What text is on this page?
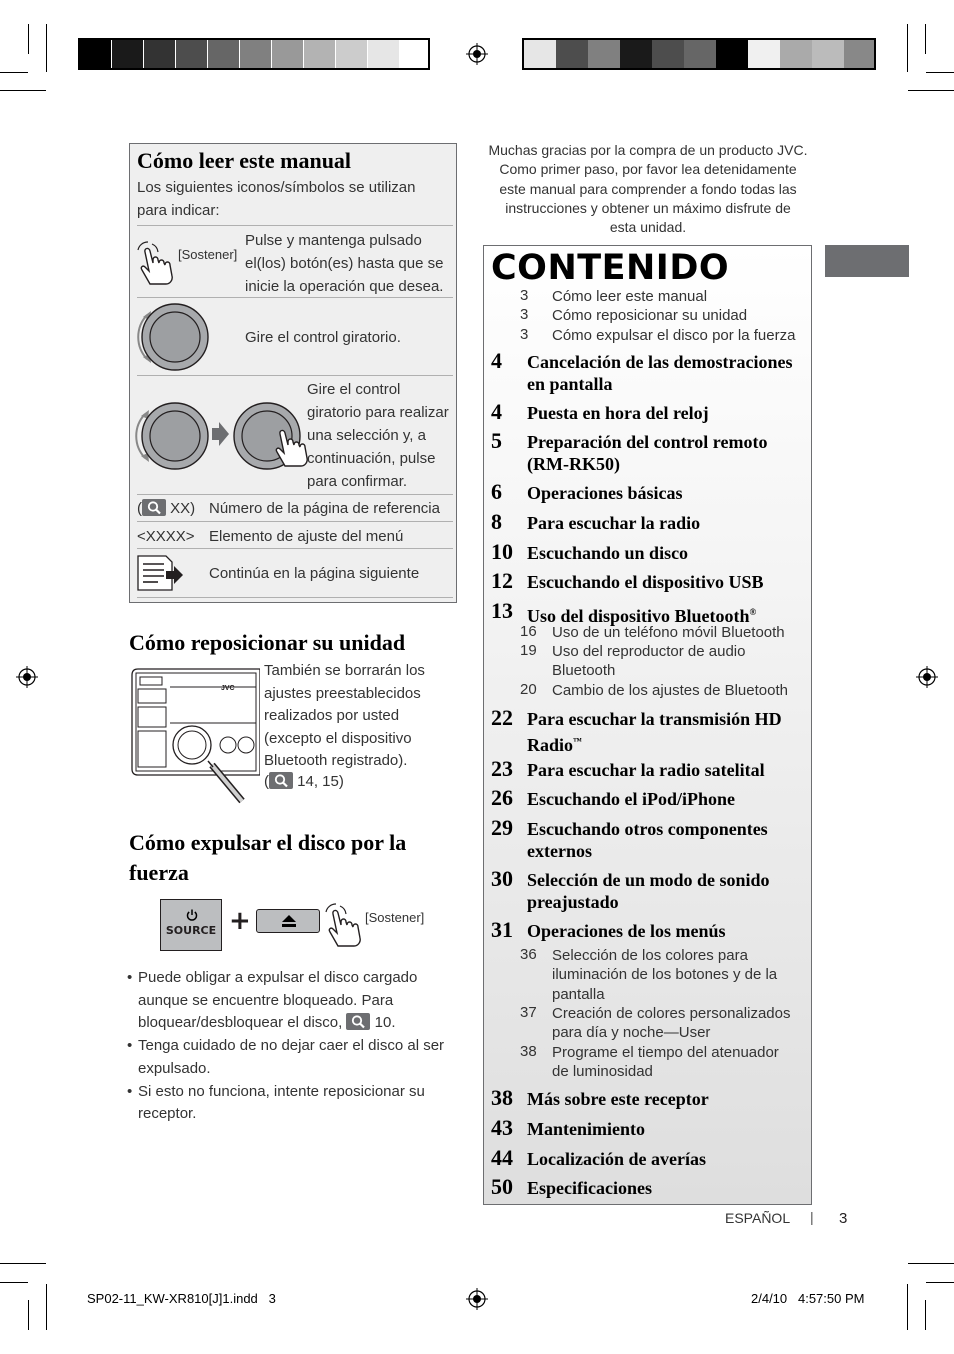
Cómo leer este manual
Los siguientes iconos/símbolos se utilizan
para indicar:
[Sostener]
Pulse y mantenga pulsado
el(los) botón(es) hasta que se
inicie la operación que desea.
Gire el control giratorio.
Gire el control
giratorio para realizar
una selección y, a
continuación, pulse
para confirmar.
( XX) Número de la página de referencia
<XXXX> Elemento de ajuste del menú
Continúa en la página siguiente
Cómo reposicionar su unidad
JVC
También se borrarán los
ajustes preestablecidos
realizados por usted
(excepto el dispositivo
Bluetooth registrado).
( 14, 15)
Cómo expulsar el disco por la
fuerza
SOURCE +	[Sostener]
• Puede obligar a expulsar el disco cargado
aunque se encuentre bloqueado. Para
bloquear/desbloquear el disco,  10.
• Tenga cuidado de no dejar caer el disco al ser
expulsado.
• Si esto no funciona, intente reposicionar su
receptor.
Muchas gracias por la compra de un producto JVC.
Como primer paso, por favor lea detenidamente
este manual para comprender a fondo todas las
instrucciones y obtener un máximo disfrute de
esta unidad.
CONTENIDO
3	Cómo leer este manual
3	Cómo reposicionar su unidad
3	Cómo expulsar el disco por la fuerza
4 Cancelación de las demostraciones
en pantalla
4 Puesta en hora del reloj
5 Preparación del control remoto
(RM-RK50)
6 Operaciones básicas
8 Para escuchar la radio
10 Escuchando un disco
12 Escuchando el dispositivo USB
13 Uso del dispositivo Bluetooth®
16	Uso de un teléfono móvil Bluetooth
19	Uso del reproductor de audio
Bluetooth
20	Cambio de los ajustes de Bluetooth
22 Para escuchar la transmisión HD
Radio™
23 Para escuchar la radio satelital
26 Escuchando el iPod/iPhone
29 Escuchando otros componentes
externos
30 Selección de un modo de sonido
preajustado
31 Operaciones de los menús
36	Selección de los colores para
iluminación de los botones y de la
pantalla
37	Creación de colores personalizados
para día y noche—User
38	Programe el tiempo del atenuador
de luminosidad
38 Más sobre este receptor
43 Mantenimiento
44 Localización de averías
50 Especificaciones
ESPAÑOL | 3
SP02-11_KW-XR810[J]1.indd   3	2/4/10   4:57:50 PM
